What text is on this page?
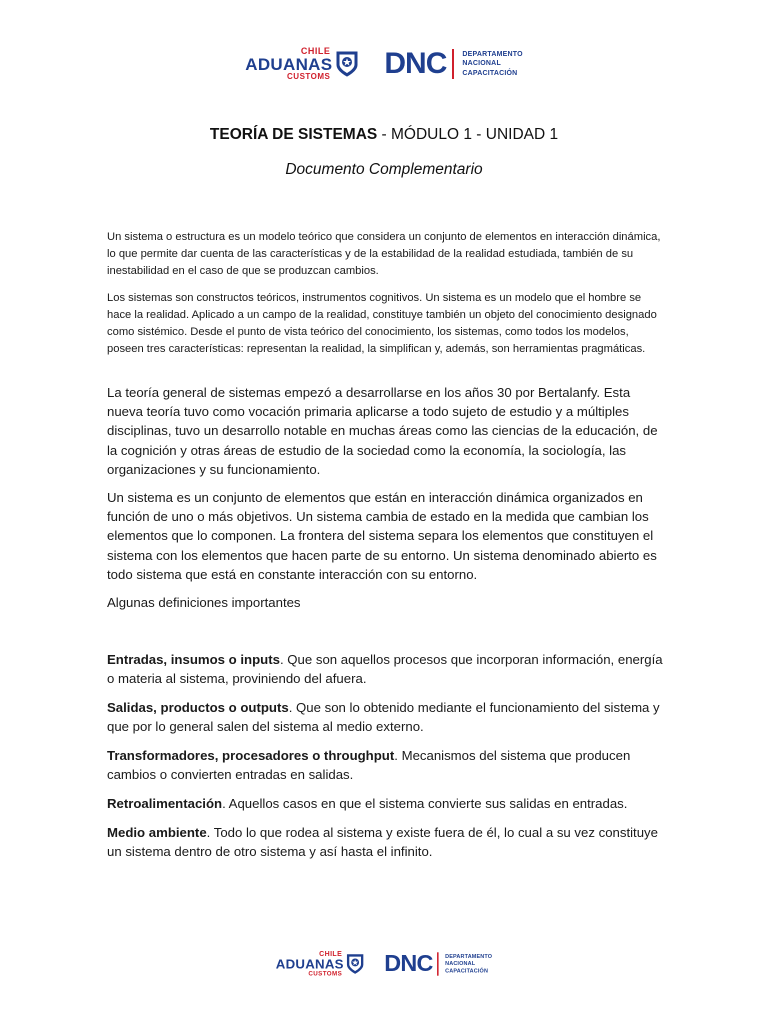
CHILE
ADUANAS
CUSTOMS DNC DEPARTAMENTO
NACIONAL
CAPACITACIÓN
TEORÍA DE SISTEMAS - MÓDULO 1 - UNIDAD 1
Documento Complementario

Un sistema o estructura es un modelo teórico que considera un conjunto de elementos en interacción dinámica, lo que permite dar cuenta de las características y de la estabilidad de la realidad estudiada, también de su inestabilidad en el caso de que se produzcan cambios.

Los sistemas son constructos teóricos, instrumentos cognitivos. Un sistema es un modelo que el hombre se hace la realidad. Aplicado a un campo de la realidad, constituye también un objeto del conocimiento designado como sistémico. Desde el punto de vista teórico del conocimiento, los sistemas, como todos los modelos, poseen tres características: representan la realidad, la simplifican y, además, son herramientas pragmáticas.

La teoría general de sistemas empezó a desarrollarse en los años 30 por Bertalanfy. Esta nueva teoría tuvo como vocación primaria aplicarse a todo sujeto de estudio y a múltiples disciplinas, tuvo un desarrollo notable en muchas áreas como las ciencias de la educación, de la cognición y otras áreas de estudio de la sociedad como la economía, la sociología, las organizaciones y su funcionamiento.

Un sistema es un conjunto de elementos que están en interacción dinámica organizados en función de uno o más objetivos. Un sistema cambia de estado en la medida que cambian los elementos que lo componen. La frontera del sistema separa los elementos que constituyen el sistema con los elementos que hacen parte de su entorno. Un sistema denominado abierto es todo sistema que está en constante interacción con su entorno.

Algunas definiciones importantes

Entradas, insumos o inputs. Que son aquellos procesos que incorporan información, energía o materia al sistema, proviniendo del afuera.

Salidas, productos o outputs. Que son lo obtenido mediante el funcionamiento del sistema y que por lo general salen del sistema al medio externo.

Transformadores, procesadores o throughput. Mecanismos del sistema que producen cambios o convierten entradas en salidas.

Retroalimentación. Aquellos casos en que el sistema convierte sus salidas en entradas.

Medio ambiente. Todo lo que rodea al sistema y existe fuera de él, lo cual a su vez constituye un sistema dentro de otro sistema y así hasta el infinito.

CHILE
ADUANAS
CUSTOMS DNC DEPARTAMENTO
NACIONAL
CAPACITACIÓN
